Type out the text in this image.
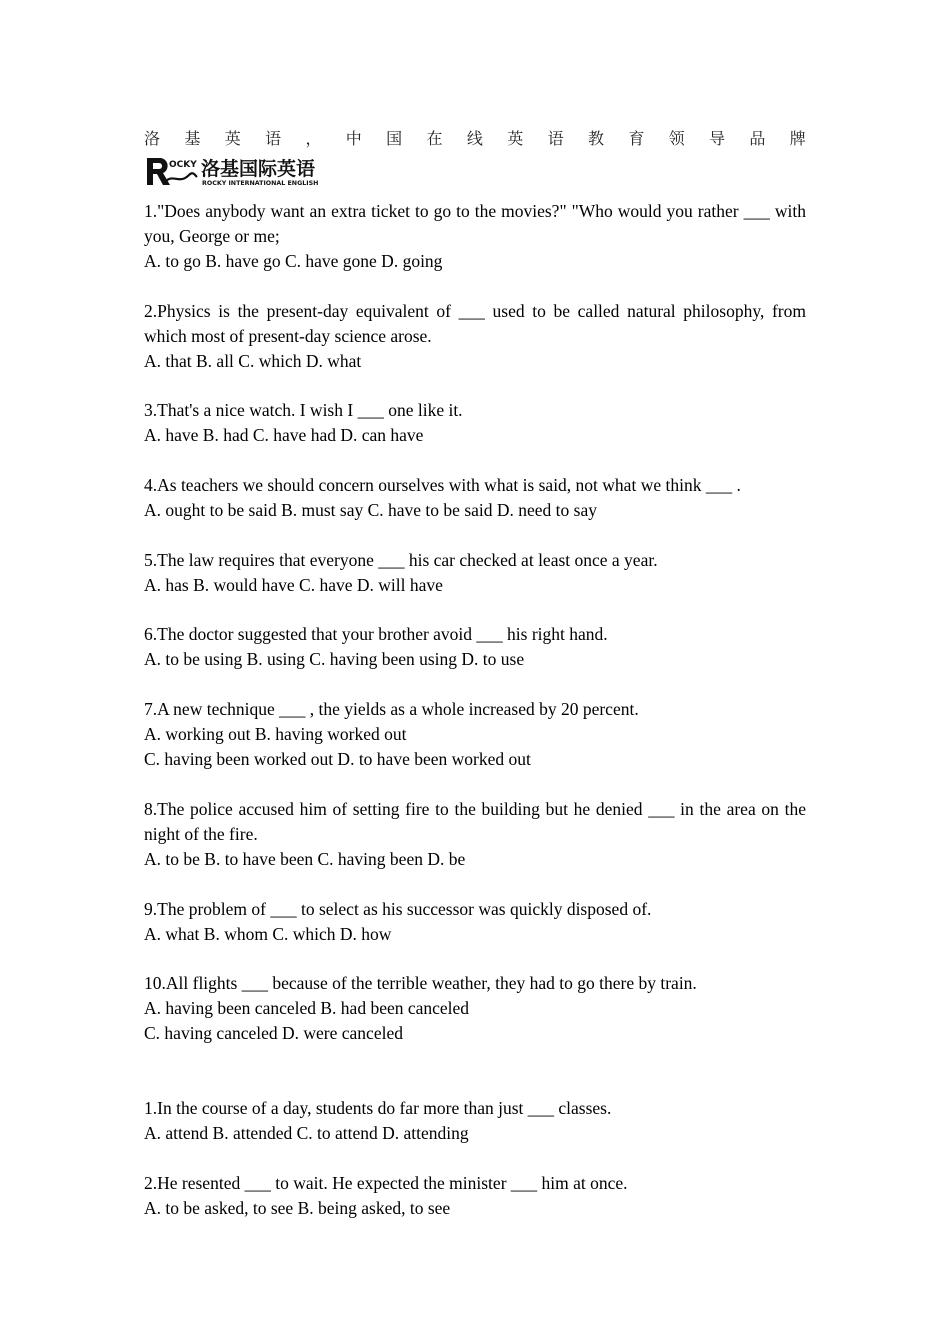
洛 基 英 语 ， 中 国 在 线 英 语 教 育 领 导 品 牌
OCKY 洛基国际英语
ROCKY INTERNATIONAL ENGLISH
1."Does anybody want an extra ticket to go to the movies?" "Who would you rather ___ with you, George or me;
A. to go B. have go C. have gone D. going
2.Physics is the present-day equivalent of ___ used to be called natural philosophy, from which most of present-day science arose.
A. that B. all C. which D. what
3.That's a nice watch. I wish I ___ one like it.
A. have B. had C. have had D. can have
4.As teachers we should concern ourselves with what is said, not what we think ___ .
A. ought to be said B. must say C. have to be said D. need to say
5.The law requires that everyone ___ his car checked at least once a year.
A. has B. would have C. have D. will have
6.The doctor suggested that your brother avoid ___ his right hand.
A. to be using B. using C. having been using D. to use
7.A new technique ___ , the yields as a whole increased by 20 percent.
A. working out B. having worked out
C. having been worked out D. to have been worked out
8.The police accused him of setting fire to the building but he denied ___ in the area on the night of the fire.
A. to be B. to have been C. having been D. be
9.The problem of ___ to select as his successor was quickly disposed of.
A. what B. whom C. which D. how
10.All flights ___ because of the terrible weather, they had to go there by train.
A. having been canceled B. had been canceled
C. having canceled D. were canceled
1.In the course of a day, students do far more than just ___ classes.
A. attend B. attended C. to attend D. attending
2.He resented ___ to wait. He expected the minister ___ him at once.
A. to be asked, to see B. being asked, to see
